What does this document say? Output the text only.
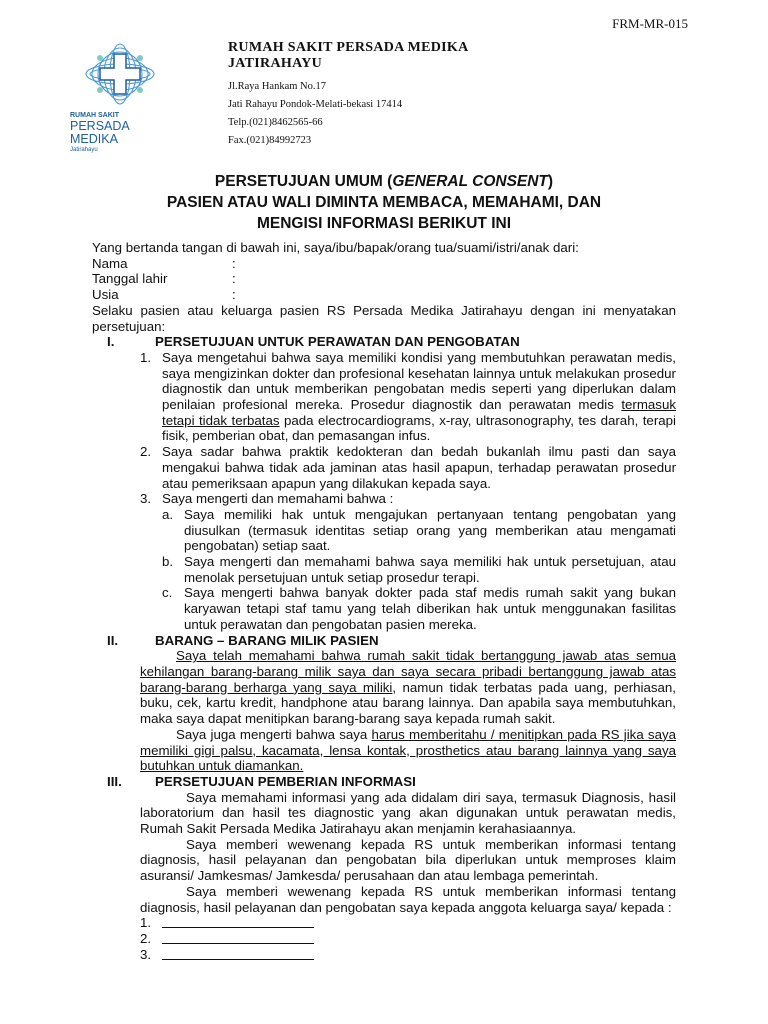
FRM-MR-015
RUMAH SAKIT
PERSADA MEDIKA
Jatirahayu
RUMAH SAKIT PERSADA MEDIKA
JATIRAHAYU
Jl.Raya Hankam No.17
Jati Rahayu Pondok-Melati-bekasi 17414
Telp.(021)8462565-66
Fax.(021)84992723
PERSETUJUAN UMUM (GENERAL CONSENT)
PASIEN ATAU WALI DIMINTA MEMBACA, MEMAHAMI, DAN
MENGISI INFORMASI BERIKUT INI

Yang bertanda tangan di bawah ini, saya/ibu/bapak/orang tua/suami/istri/anak dari:

Nama	:
Tanggal lahir	:
Usia	:

Selaku pasien atau keluarga pasien RS Persada Medika Jatirahayu dengan ini menyatakan persetujuan:

I.	PERSETUJUAN UNTUK PERAWATAN DAN PENGOBATAN
1. Saya mengetahui bahwa saya memiliki kondisi yang membutuhkan perawatan medis, saya mengizinkan dokter dan profesional kesehatan lainnya untuk melakukan prosedur diagnostik dan untuk memberikan pengobatan medis seperti yang diperlukan dalam penilaian profesional mereka. Prosedur diagnostik dan perawatan medis termasuk tetapi tidak terbatas pada electrocardiograms, x-ray, ultrasonography, tes darah, terapi fisik, pemberian obat, dan pemasangan infus.
2. Saya sadar bahwa praktik kedokteran dan bedah bukanlah ilmu pasti dan saya mengakui bahwa tidak ada jaminan atas hasil apapun, terhadap perawatan prosedur atau pemeriksaan apapun yang dilakukan kepada saya.
3. Saya mengerti dan memahami bahwa :
a. Saya memiliki hak untuk mengajukan pertanyaan tentang pengobatan yang diusulkan (termasuk identitas setiap orang yang memberikan atau mengamati pengobatan) setiap saat.
b. Saya mengerti dan memahami bahwa saya memiliki hak untuk persetujuan, atau menolak persetujuan untuk setiap prosedur terapi.
c. Saya mengerti bahwa banyak dokter pada staf medis rumah sakit yang bukan karyawan tetapi staf tamu yang telah diberikan hak untuk menggunakan fasilitas untuk perawatan dan pengobatan pasien mereka.
II.	BARANG – BARANG MILIK PASIEN

Saya telah memahami bahwa rumah sakit tidak bertanggung jawab atas semua kehilangan barang-barang milik saya dan saya secara pribadi bertanggung jawab atas barang-barang berharga yang saya miliki, namun tidak terbatas pada uang, perhiasan, buku, cek, kartu kredit, handphone atau barang lainnya. Dan apabila saya membutuhkan, maka saya dapat menitipkan barang-barang saya kepada rumah sakit.

Saya juga mengerti bahwa saya harus memberitahu / menitipkan pada RS jika saya memiliki gigi palsu, kacamata, lensa kontak, prosthetics atau barang lainnya yang saya butuhkan untuk diamankan.

III.	PERSETUJUAN PEMBERIAN INFORMASI

Saya memahami informasi yang ada didalam diri saya, termasuk Diagnosis, hasil laboratorium dan hasil tes diagnostic yang akan digunakan untuk perawatan medis, Rumah Sakit Persada Medika Jatirahayu akan menjamin kerahasiaannya.

Saya memberi wewenang kepada RS untuk memberikan informasi tentang diagnosis, hasil pelayanan dan pengobatan bila diperlukan untuk memproses klaim asuransi/ Jamkesmas/ Jamkesda/ perusahaan dan atau lembaga pemerintah.

Saya memberi wewenang kepada RS untuk memberikan informasi tentang diagnosis, hasil pelayanan dan pengobatan saya kepada anggota keluarga saya/ kepada :

1.
2.
3.
